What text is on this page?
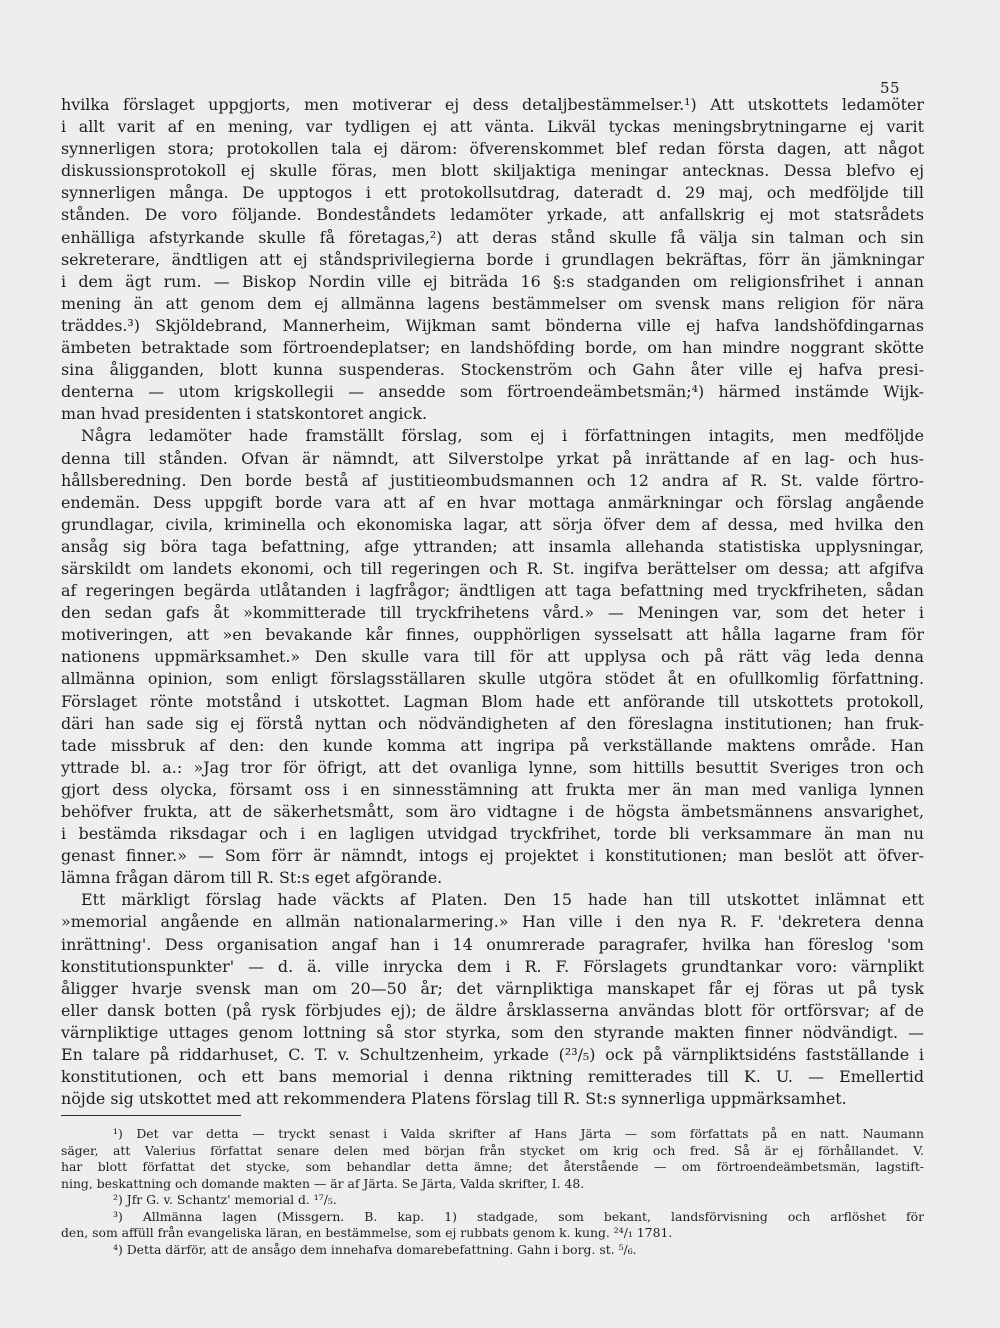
55
hvilka förslaget uppgjorts, men motiverar ej dess detaljbestämmelser.¹) Att utskottets ledamöter
i allt varit af en mening, var tydligen ej att vänta. Likväl tyckas meningsbrytningarne ej varit
synnerligen stora; protokollen tala ej därom: öfverenskommet blef redan första dagen, att något
diskussionsprotokoll ej skulle föras, men blott skiljaktiga meningar antecknas. Dessa blefvo ej
synnerligen många. De upptogos i ett protokollsutdrag, dateradt d. 29 maj, och medföljde till
stånden. De voro följande. Bondeståndets ledamöter yrkade, att anfallskrig ej mot statsrådets
enhälliga afstyrkande skulle få företagas,²) att deras stånd skulle få välja sin talman och sin
sekreterare, ändtligen att ej ståndsprivilegierna borde i grundlagen bekräftas, förr än jämkningar
i dem ägt rum. — Biskop Nordin ville ej biträda 16 §:s stadganden om religionsfrihet i annan
mening än att genom dem ej allmänna lagens bestämmelser om svensk mans religion för nära
träddes.³) Skjöldebrand, Mannerheim, Wijkman samt bönderna ville ej hafva landshöfdingarnas
ämbeten betraktade som förtroendeplatser; en landshöfding borde, om han mindre noggrant skötte
sina åligganden, blott kunna suspenderas. Stockenström och Gahn åter ville ej hafva presi-
denterna — utom krigskollegii — ansedde som förtroendeämbetsmän;⁴) härmed instämde Wijk-
man hvad presidenten i statskontoret angick.
Några ledamöter hade framställt förslag, som ej i författningen intagits, men medföljde
denna till stånden. Ofvan är nämndt, att Silverstolpe yrkat på inrättande af en lag- och hus-
hållsberedning. Den borde bestå af justitieombudsmannen och 12 andra af R. St. valde förtro-
endemän. Dess uppgift borde vara att af en hvar mottaga anmärkningar och förslag angående
grundlagar, civila, kriminella och ekonomiska lagar, att sörja öfver dem af dessa, med hvilka den
ansåg sig böra taga befattning, afge yttranden; att insamla allehanda statistiska upplysningar,
särskildt om landets ekonomi, och till regeringen och R. St. ingifva berättelser om dessa; att afgifva
af regeringen begärda utlåtanden i lagfrågor; ändtligen att taga befattning med tryckfriheten, sådan
den sedan gafs åt »kommitterade till tryckfrihetens vård.» — Meningen var, som det heter i
motiveringen, att »en bevakande kår finnes, oupphörligen sysselsatt att hålla lagarne fram för
nationens uppmärksamhet.» Den skulle vara till för att upplysa och på rätt väg leda denna
allmänna opinion, som enligt förslagsställaren skulle utgöra stödet åt en ofullkomlig författning.
Förslaget rönte motstånd i utskottet. Lagman Blom hade ett anförande till utskottets protokoll,
däri han sade sig ej förstå nyttan och nödvändigheten af den föreslagna institutionen; han fruk-
tade missbruk af den: den kunde komma att ingripa på verkställande maktens område. Han
yttrade bl. a.: »Jag tror för öfrigt, att det ovanliga lynne, som hittills besuttit Sveriges tron och
gjort dess olycka, församt oss i en sinnesstämning att frukta mer än man med vanliga lynnen
behöfver frukta, att de säkerhetsmått, som äro vidtagne i de högsta ämbetsmännens ansvarighet,
i bestämda riksdagar och i en lagligen utvidgad tryckfrihet, torde bli verksammare än man nu
genast finner.» — Som förr är nämndt, intogs ej projektet i konstitutionen; man beslöt att öfver-
lämna frågan därom till R. St:s eget afgörande.
Ett märkligt förslag hade väckts af Platen. Den 15 hade han till utskottet inlämnat ett
»memorial angående en allmän nationalarmering.» Han ville i den nya R. F. 'dekretera denna
inrättning'. Dess organisation angaf han i 14 onumrerade paragrafer, hvilka han föreslog 'som
konstitutionspunkter' — d. ä. ville inrycka dem i R. F. Förslagets grundtankar voro: värnplikt
åligger hvarje svensk man om 20—50 år; det värnpliktiga manskapet får ej föras ut på tysk
eller dansk botten (på rysk förbjudes ej); de äldre årsklasserna användas blott för ortförsvar; af de
värnpliktige uttages genom lottning så stor styrka, som den styrande makten finner nödvändigt. —
En talare på riddarhuset, C. T. v. Schultzenheim, yrkade (²³/₅) ock på värnpliktsidéns fastställande i
konstitutionen, och ett bans memorial i denna riktning remitterades till K. U. — Emellertid
nöjde sig utskottet med att rekommendera Platens förslag till R. St:s synnerliga uppmärksamhet.
¹) Det var detta — tryckt senast i Valda skrifter af Hans Järta — som författats på en natt. Naumann
säger, att Valerius författat senare delen med början från stycket om krig och fred. Så är ej förhållandet. V.
har blott författat det stycke, som behandlar detta ämne; det återstående — om förtroendeämbetsmän, lagstift-
ning, beskattning och domande makten — är af Järta. Se Järta, Valda skrifter, I. 48.
²) Jfr G. v. Schantz' memorial d. ¹⁷/₅.
³) Allmänna lagen (Missgern. B. kap. 1) stadgade, som bekant, landsförvisning och arflöshet för
den, som affüll från evangeliska läran, en bestämmelse, som ej rubbats genom k. kung. ²⁴/₁ 1781.
⁴) Detta därför, att de ansågo dem innehafva domarebefattning. Gahn i borg. st. ⁵/₆.
